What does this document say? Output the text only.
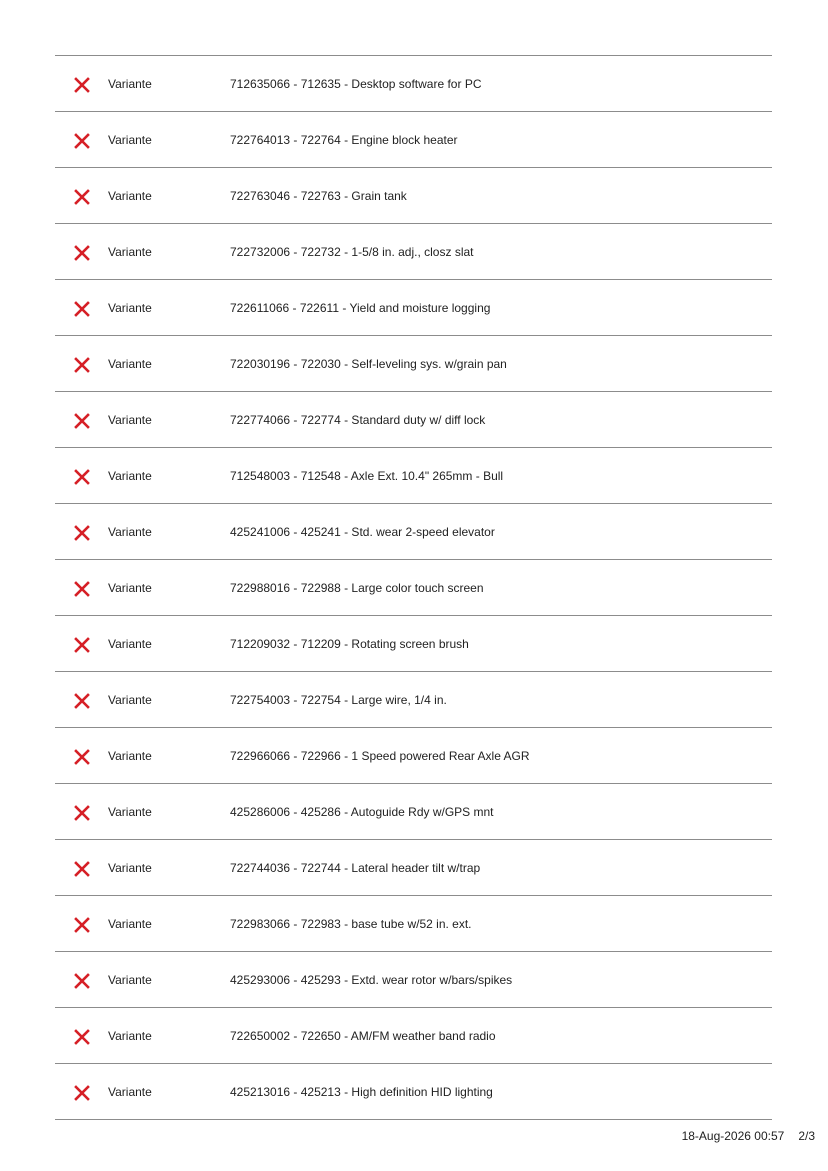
Variante	712635066 - 712635 - Desktop software for PC
Variante	722764013 - 722764 - Engine block heater
Variante	722763046 - 722763 - Grain tank
Variante	722732006 - 722732 - 1-5/8 in. adj., closz slat
Variante	722611066 - 722611 - Yield and moisture logging
Variante	722030196 - 722030 - Self-leveling sys. w/grain pan
Variante	722774066 - 722774 - Standard duty w/ diff lock
Variante	712548003 - 712548 - Axle Ext. 10.4" 265mm - Bull
Variante	425241006 - 425241 - Std. wear 2-speed elevator
Variante	722988016 - 722988 - Large color touch screen
Variante	712209032 - 712209 - Rotating screen brush
Variante	722754003 - 722754 - Large wire, 1/4 in.
Variante	722966066 - 722966 - 1 Speed powered Rear Axle AGR
Variante	425286006 - 425286 - Autoguide Rdy w/GPS mnt
Variante	722744036 - 722744 - Lateral header tilt w/trap
Variante	722983066 - 722983 - base tube w/52 in. ext.
Variante	425293006 - 425293 - Extd. wear rotor w/bars/spikes
Variante	722650002 - 722650 - AM/FM weather band radio
Variante	425213016 - 425213 - High definition HID lighting
18-Aug-2026 00:57 2/3
